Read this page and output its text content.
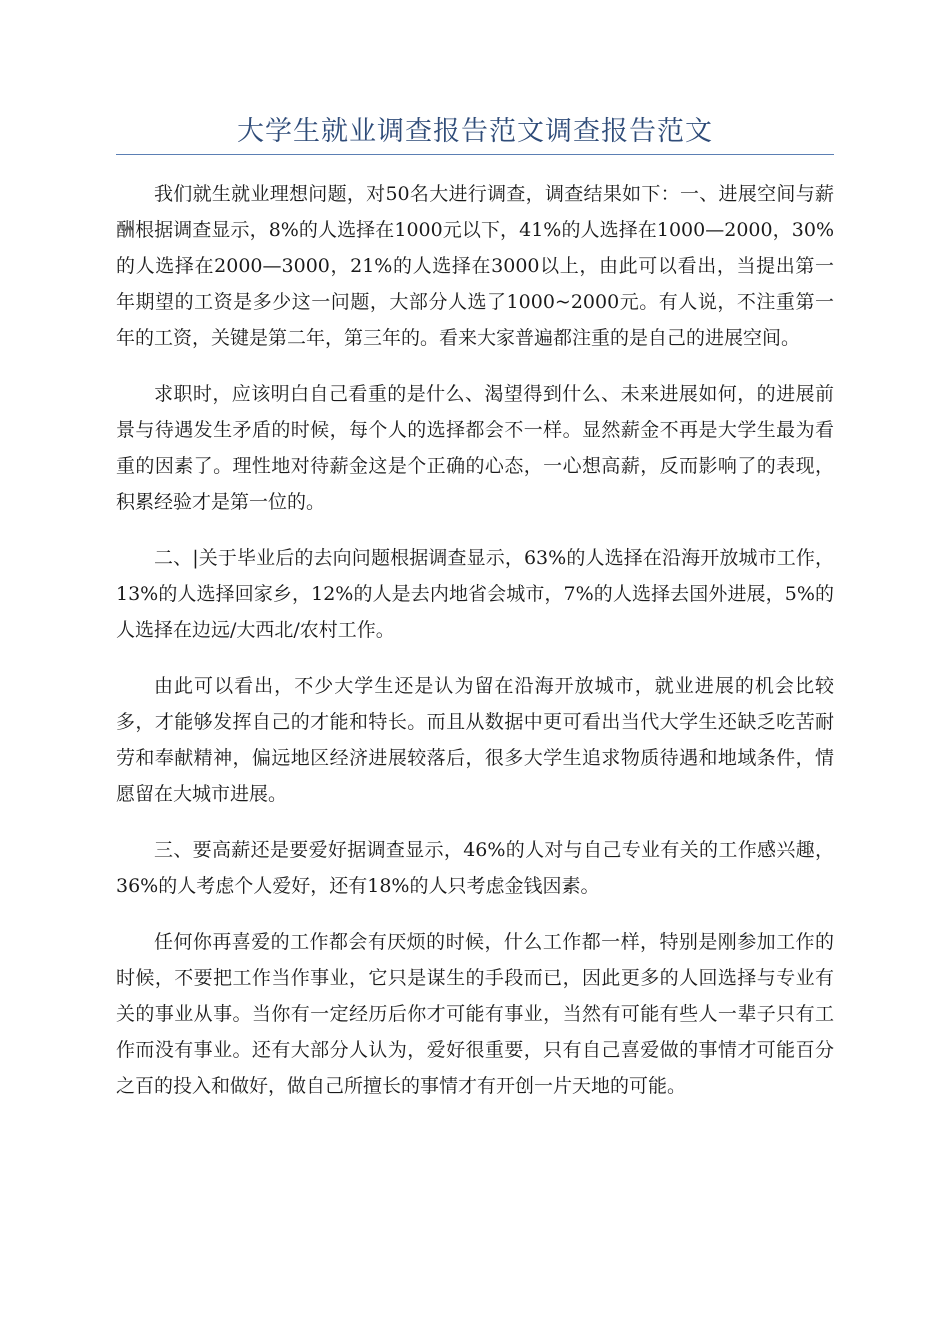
大学生就业调查报告范文调查报告范文

我们就生就业理想问题，对50名大进行调查，调查结果如下：一、进展空间与薪酬根据调查显示，8%的人选择在1000元以下，41%的人选择在1000—2000，30%的人选择在2000—3000，21%的人选择在3000以上，由此可以看出，当提出第一年期望的工资是多少这一问题，大部分人选了1000~2000元。有人说，不注重第一年的工资，关键是第二年，第三年的。看来大家普遍都注重的是自己的进展空间。

求职时，应该明白自己看重的是什么、渴望得到什么、未来进展如何，的进展前景与待遇发生矛盾的时候，每个人的选择都会不一样。显然薪金不再是大学生最为看重的因素了。理性地对待薪金这是个正确的心态，一心想高薪，反而影响了的表现，积累经验才是第一位的。

二、|关于毕业后的去向问题根据调查显示，63%的人选择在沿海开放城市工作，13%的人选择回家乡，12%的人是去内地省会城市，7%的人选择去国外进展，5%的人选择在边远/大西北/农村工作。

由此可以看出，不少大学生还是认为留在沿海开放城市，就业进展的机会比较多，才能够发挥自己的才能和特长。而且从数据中更可看出当代大学生还缺乏吃苦耐劳和奉献精神，偏远地区经济进展较落后，很多大学生追求物质待遇和地域条件，情愿留在大城市进展。

三、要高薪还是要爱好据调查显示，46%的人对与自己专业有关的工作感兴趣，36%的人考虑个人爱好，还有18%的人只考虑金钱因素。

任何你再喜爱的工作都会有厌烦的时候，什么工作都一样，特别是刚参加工作的时候，不要把工作当作事业，它只是谋生的手段而已，因此更多的人回选择与专业有关的事业从事。当你有一定经历后你才可能有事业，当然有可能有些人一辈子只有工作而没有事业。还有大部分人认为，爱好很重要，只有自己喜爱做的事情才可能百分之百的投入和做好，做自己所擅长的事情才有开创一片天地的可能。
